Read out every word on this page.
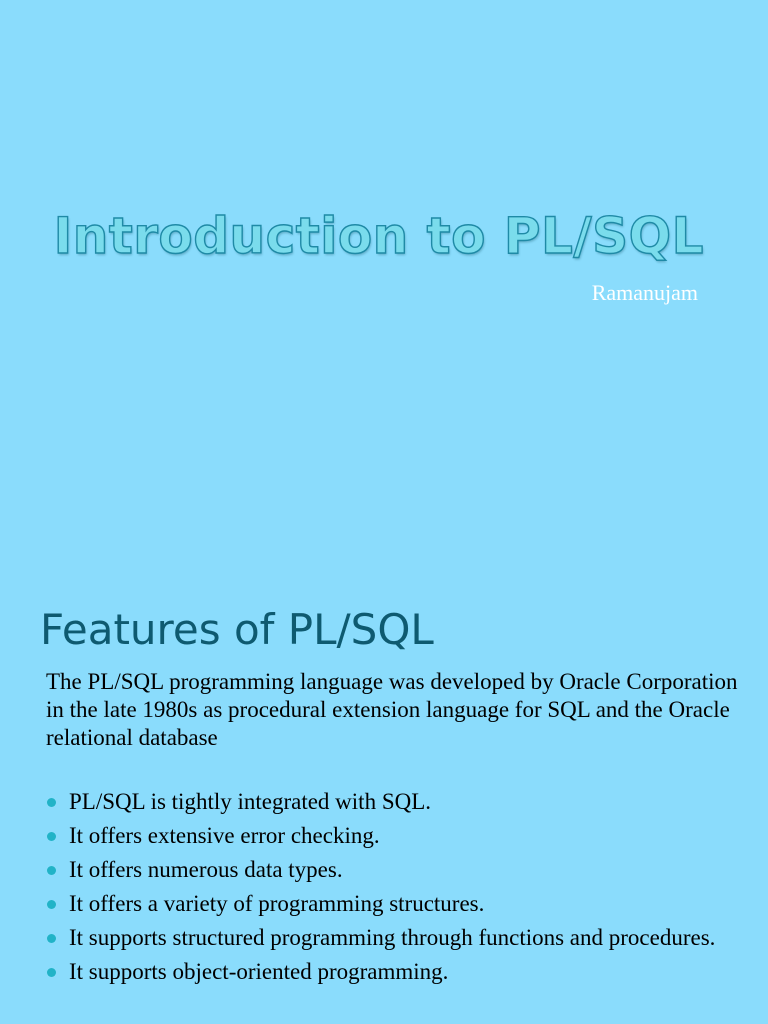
Introduction to PL/SQL
Ramanujam
Features of PL/SQL

The PL/SQL programming language was developed by Oracle Corporation in the late 1980s as procedural extension language for SQL and the Oracle relational database

PL/SQL is tightly integrated with SQL.
It offers extensive error checking.
It offers numerous data types.
It offers a variety of programming structures.
It supports structured programming through functions and procedures.
It supports object-oriented programming.
